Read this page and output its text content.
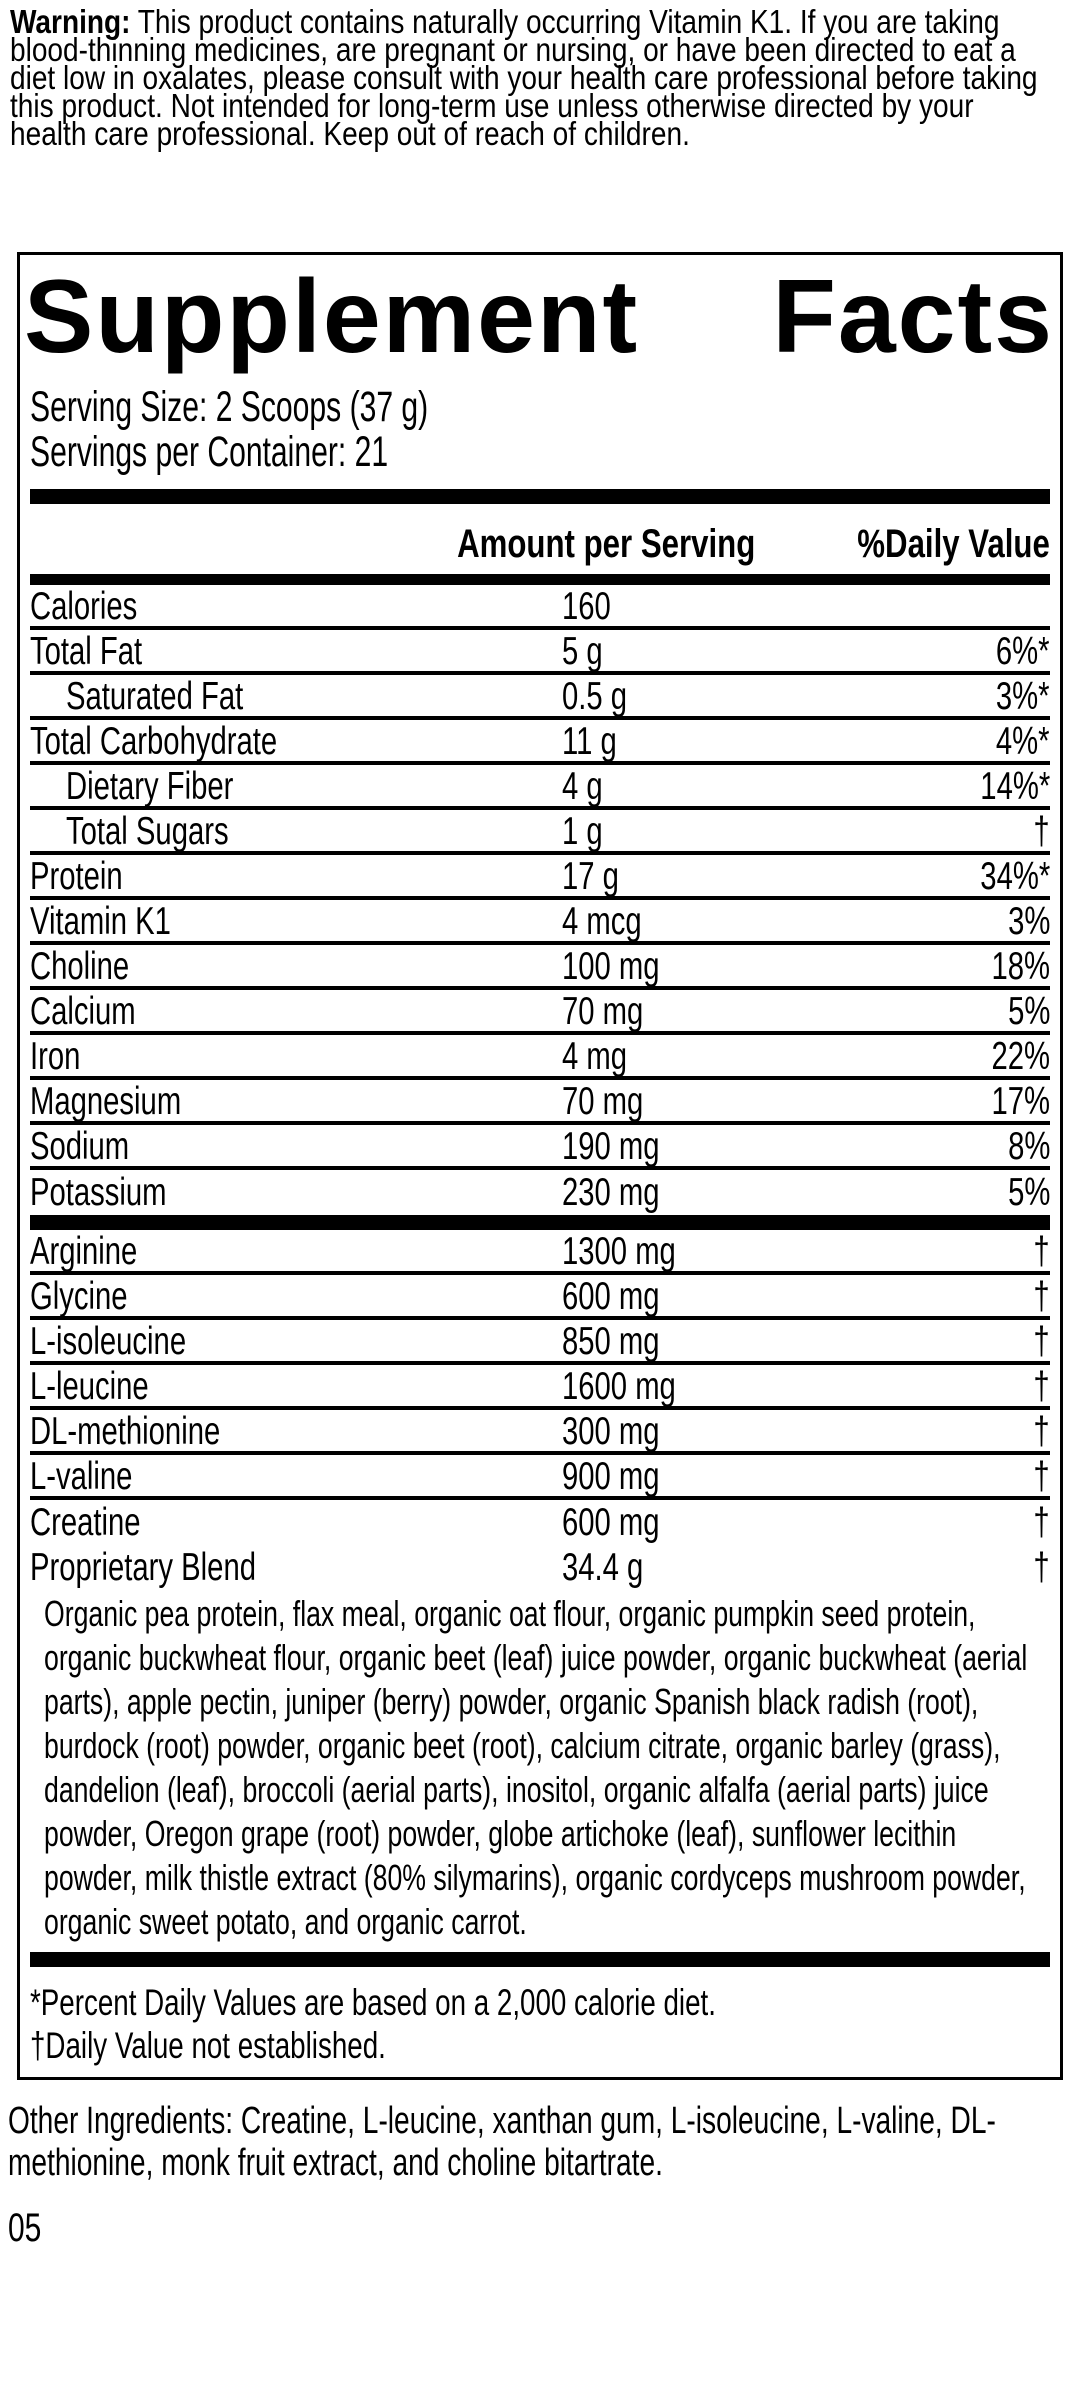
Warning: This product contains naturally occurring Vitamin K1. If you are taking blood-thinning medicines, are pregnant or nursing, or have been directed to eat a diet low in oxalates, please consult with your health care professional before taking this product. Not intended for long-term use unless otherwise directed by your health care professional. Keep out of reach of children.
Supplement Facts
Serving Size: 2 Scoops (37 g)
Servings per Container: 21
Amount per Serving	%Daily Value
Calories	160
Total Fat	5 g	6%*
Saturated Fat	0.5 g	3%*
Total Carbohydrate	11 g	4%*
Dietary Fiber	4 g	14%*
Total Sugars	1 g	†
Protein	17 g	34%*
Vitamin K1	4 mcg	3%
Choline	100 mg	18%
Calcium	70 mg	5%
Iron	4 mg	22%
Magnesium	70 mg	17%
Sodium	190 mg	8%
Potassium	230 mg	5%
Arginine	1300 mg	†
Glycine	600 mg	†
L-isoleucine	850 mg	†
L-leucine	1600 mg	†
DL-methionine	300 mg	†
L-valine	900 mg	†
Creatine	600 mg	†
Proprietary Blend	34.4 g	†
Organic pea protein, flax meal, organic oat flour, organic pumpkin seed protein, organic buckwheat flour, organic beet (leaf) juice powder, organic buckwheat (aerial parts), apple pectin, juniper (berry) powder, organic Spanish black radish (root), burdock (root) powder, organic beet (root), calcium citrate, organic barley (grass), dandelion (leaf), broccoli (aerial parts), inositol, organic alfalfa (aerial parts) juice powder, Oregon grape (root) powder, globe artichoke (leaf), sunflower lecithin powder, milk thistle extract (80% silymarins), organic cordyceps mushroom powder, organic sweet potato, and organic carrot.
*Percent Daily Values are based on a 2,000 calorie diet.
†Daily Value not established.
Other Ingredients: Creatine, L-leucine, xanthan gum, L-isoleucine, L-valine, DL-methionine, monk fruit extract, and choline bitartrate.
05
